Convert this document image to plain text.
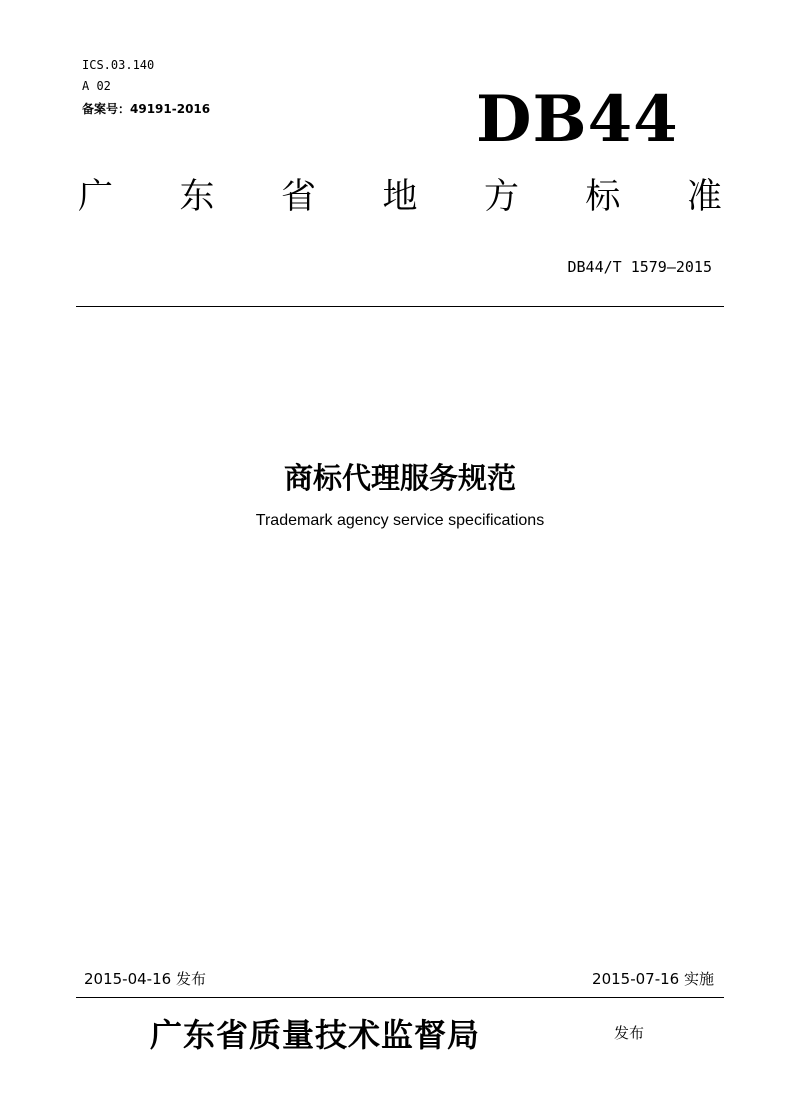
ICS.03.140
A 02
备案号：49191-2016	DB44
广 东 省 地 方 标 准
DB44/T 1579—2015
商标代理服务规范
Trademark agency service specifications
2015-04-16 发布	2015-07-16 实施
广东省质量技术监督局	发布
